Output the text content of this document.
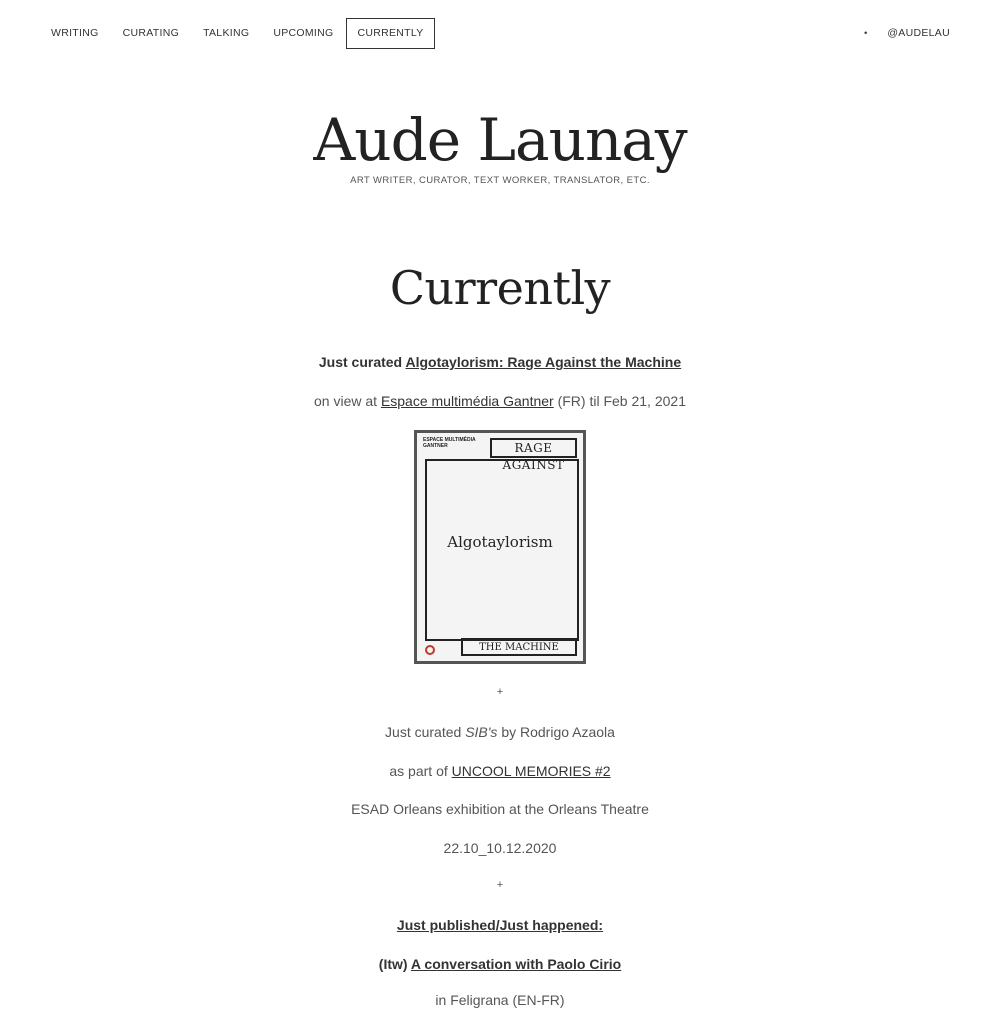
WRITING	CURATING	TALKING	UPCOMING	CURRENTLY	• @AUDELAU
Aude Launay
ART WRITER, CURATOR, TEXT WORKER, TRANSLATOR, ETC.
Currently
Just curated Algotaylorism: Rage Against the Machine
on view at Espace multimédia Gantner (FR) til Feb 21, 2021
ESPACE MULTIMÉDIA GANTNER	RAGE AGAINST
Algotaylorism
THE MACHINE
+
Just curated SIB's by Rodrigo Azaola
as part of UNCOOL MEMORIES #2
ESAD Orleans exhibition at the Orleans Theatre
22.10_10.12.2020
+
Just published/Just happened:
(Itw) A conversation with Paolo Cirio
in Feligrana (EN-FR)
